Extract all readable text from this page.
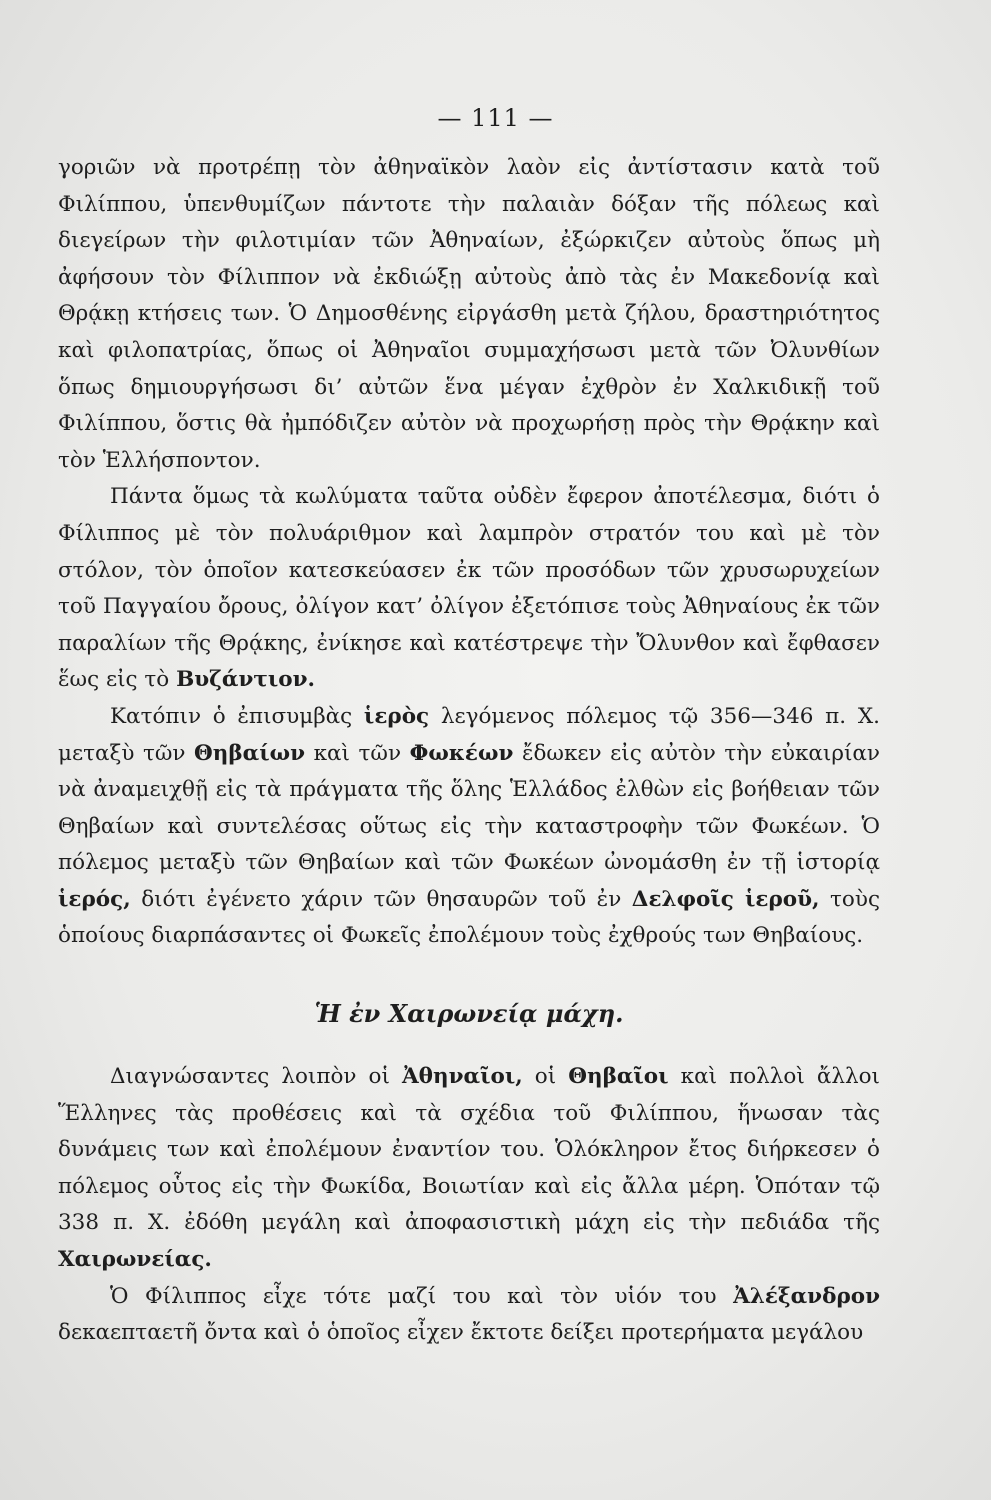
— 111 —

γοριῶν νὰ προτρέπῃ τὸν ἀθηναϊκὸν λαὸν εἰς ἀντίστασιν κατὰ τοῦ Φιλίππου, ὑπενθυμίζων πάντοτε τὴν παλαιὰν δόξαν τῆς πόλεως καὶ διεγείρων τὴν φιλοτιμίαν τῶν Ἀθηναίων, ἐξώρκιζεν αὐτοὺς ὅπως μὴ ἀφήσουν τὸν Φίλιππον νὰ ἐκδιώξῃ αὐτοὺς ἀπὸ τὰς ἐν Μακεδονίᾳ καὶ Θρᾴκῃ κτήσεις των. Ὁ Δημοσθένης εἰργάσθη μετὰ ζήλου, δραστηριότητος καὶ φιλοπατρίας, ὅπως οἱ Ἀθηναῖοι συμμαχήσωσι μετὰ τῶν Ὀλυνθίων ὅπως δημιουργήσωσι δι’ αὐτῶν ἕνα μέγαν ἐχθρὸν ἐν Χαλκιδικῇ τοῦ Φιλίππου, ὅστις θὰ ἠμπόδιζεν αὐτὸν νὰ προχωρήσῃ πρὸς τὴν Θρᾴκην καὶ τὸν Ἑλλήσποντον.

Πάντα ὅμως τὰ κωλύματα ταῦτα οὐδὲν ἔφερον ἀποτέλεσμα, διότι ὁ Φίλιππος μὲ τὸν πολυάριθμον καὶ λαμπρὸν στρατόν του καὶ μὲ τὸν στόλον, τὸν ὁποῖον κατεσκεύασεν ἐκ τῶν προσόδων τῶν χρυσωρυχείων τοῦ Παγγαίου ὄρους, ὀλίγον κατ’ ὀλίγον ἐξετόπισε τοὺς Ἀθηναίους ἐκ τῶν παραλίων τῆς Θρᾴκης, ἐνίκησε καὶ κατέστρεψε τὴν Ὄλυνθον καὶ ἔφθασεν ἕως εἰς τὸ Βυζάντιον.

Κατόπιν ὁ ἐπισυμβὰς ἱερὸς λεγόμενος πόλεμος τῷ 356—346 π. Χ. μεταξὺ τῶν Θηβαίων καὶ τῶν Φωκέων ἔδωκεν εἰς αὐτὸν τὴν εὐκαιρίαν νὰ ἀναμειχθῇ εἰς τὰ πράγματα τῆς ὅλης Ἑλλάδος ἐλθὼν εἰς βοήθειαν τῶν Θηβαίων καὶ συντελέσας οὕτως εἰς τὴν καταστροφὴν τῶν Φωκέων. Ὁ πόλεμος μεταξὺ τῶν Θηβαίων καὶ τῶν Φωκέων ὠνομάσθη ἐν τῇ ἱστορίᾳ ἱερός, διότι ἐγένετο χάριν τῶν θησαυρῶν τοῦ ἐν Δελφοῖς ἱεροῦ, τοὺς ὁποίους διαρπάσαντες οἱ Φωκεῖς ἐπολέμουν τοὺς ἐχθρούς των Θηβαίους.

Ἡ ἐν Χαιρωνείᾳ μάχη.

Διαγνώσαντες λοιπὸν οἱ Ἀθηναῖοι, οἱ Θηβαῖοι καὶ πολλοὶ ἄλλοι Ἕλληνες τὰς προθέσεις καὶ τὰ σχέδια τοῦ Φιλίππου, ἥνωσαν τὰς δυνάμεις των καὶ ἐπολέμουν ἐναντίον του. Ὁλόκληρον ἔτος διήρκεσεν ὁ πόλεμος οὗτος εἰς τὴν Φωκίδα, Βοιωτίαν καὶ εἰς ἄλλα μέρη. Ὁπόταν τῷ 338 π. Χ. ἐδόθη μεγάλη καὶ ἀποφασιστικὴ μάχη εἰς τὴν πεδιάδα τῆς Χαιρωνείας.

Ὁ Φίλιππος εἶχε τότε μαζί του καὶ τὸν υἱόν του Ἀλέξανδρον δεκαεπταετῆ ὄντα καὶ ὁ ὁποῖος εἶχεν ἔκτοτε δείξει προτερήματα μεγάλου
